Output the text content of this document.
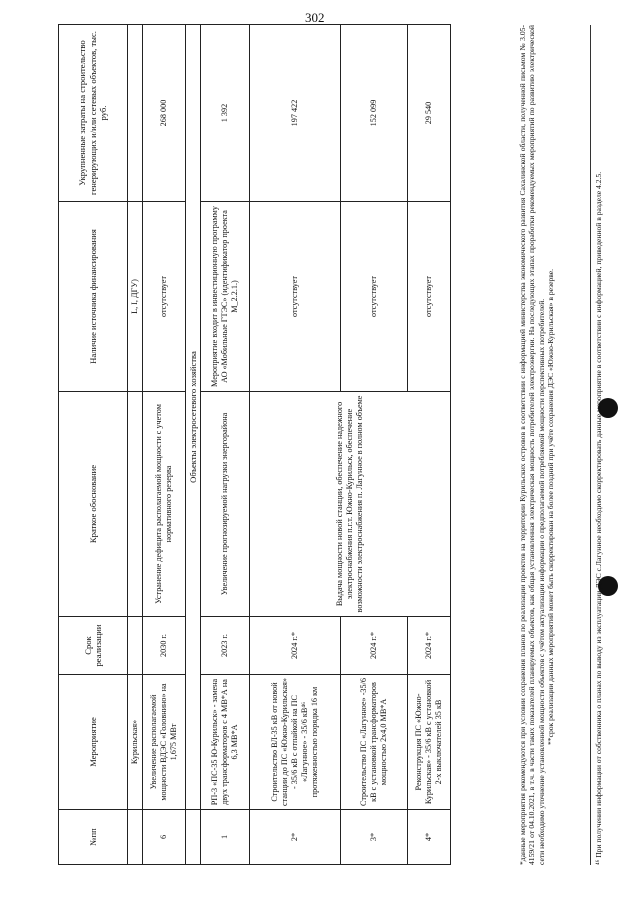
302
№пп	Мероприятие	Срок реализации	Краткое обоснование	Наличие источника финансирования	Укрупненные затраты на строительство генерирующих и/или сетевых объектов, тыс. руб.
	Курильская»			L, I, ДГУ)	
6	Увеличение располагаемой мощности ВДЭС «Головнино» на 1,675 МВт	2030 г.	Устранение дефицита располагаемой мощности с учетом нормативного резерва	отсутствует	268 000
	Объекты электросетевого хозяйства				
1	РП-3 «ПС-35 Ю-Курильск» - замена двух трансформаторов с 4 МВ*А на 6,3 МВ*А	2023 г.	Увеличение прогнозируемой нагрузки энергорайона	Мероприятие входит в инвестиционную программу АО «Мобильные ГТЭС» (идентификатор проекта M_2.2.1.)	1 392
2*	Строительство ВЛ-35 кВ от новой станции до ПС «Южно-Курильская» - 35/6 кВ с отпайкой на ПС «Лагунное» - 35/6 кВ⁴⁶ протяженностью порядка 16 км	2024 г.*	Выдача мощности новой станции, обеспечение надежного электроснабжения п.г.т. Южно-Курильск, обеспечение возможности электроснабжения п. Лагунное в полном объеме	отсутствует	197 422
3*	Строительство ПС «Лагунное» -35/6 кВ с установкой трансформаторов мощностью 2х4,0 МВ*А	2024 г.*		отсутствует	152 099
4*	Реконструкция ПС «Южно-Курильская» - 35/6 кВ с установкой 2-х выключателей 35 кВ	2024 г.*		отсутствует	29 540	*данные мероприятия рекомендуются при условии сохранения планов по реализации проектов на территории Курильских островов в соответствии с информацией министерства экономического развития Сахалинской области, полученной письмом № 3.05-4159/21 от 04.10.2021, в т.ч. в части таких показателей планируемых объектов, как общая установленная электрическая мощность потребителей электроэнергии. На последующих этапах проработки рекомендуемых мероприятий по развитию электрической сети необходимо уточнение установленной мощности объектов с учётом актуализации информации о предполагаемой потребляемой мощности перспективных потребителей. **срок реализации данных мероприятий может быть скорректирован на более поздний при учёте сохранения ДЭС «Южно-Курильская» в резерве.	⁴⁶ При получении информации от собственника о планах по выводу из эксплуатации ДЭС с.Лагунное необходимо скорректировать данные мероприятие в соответствии с информацией, приведенной в разделе 4.2.5.
